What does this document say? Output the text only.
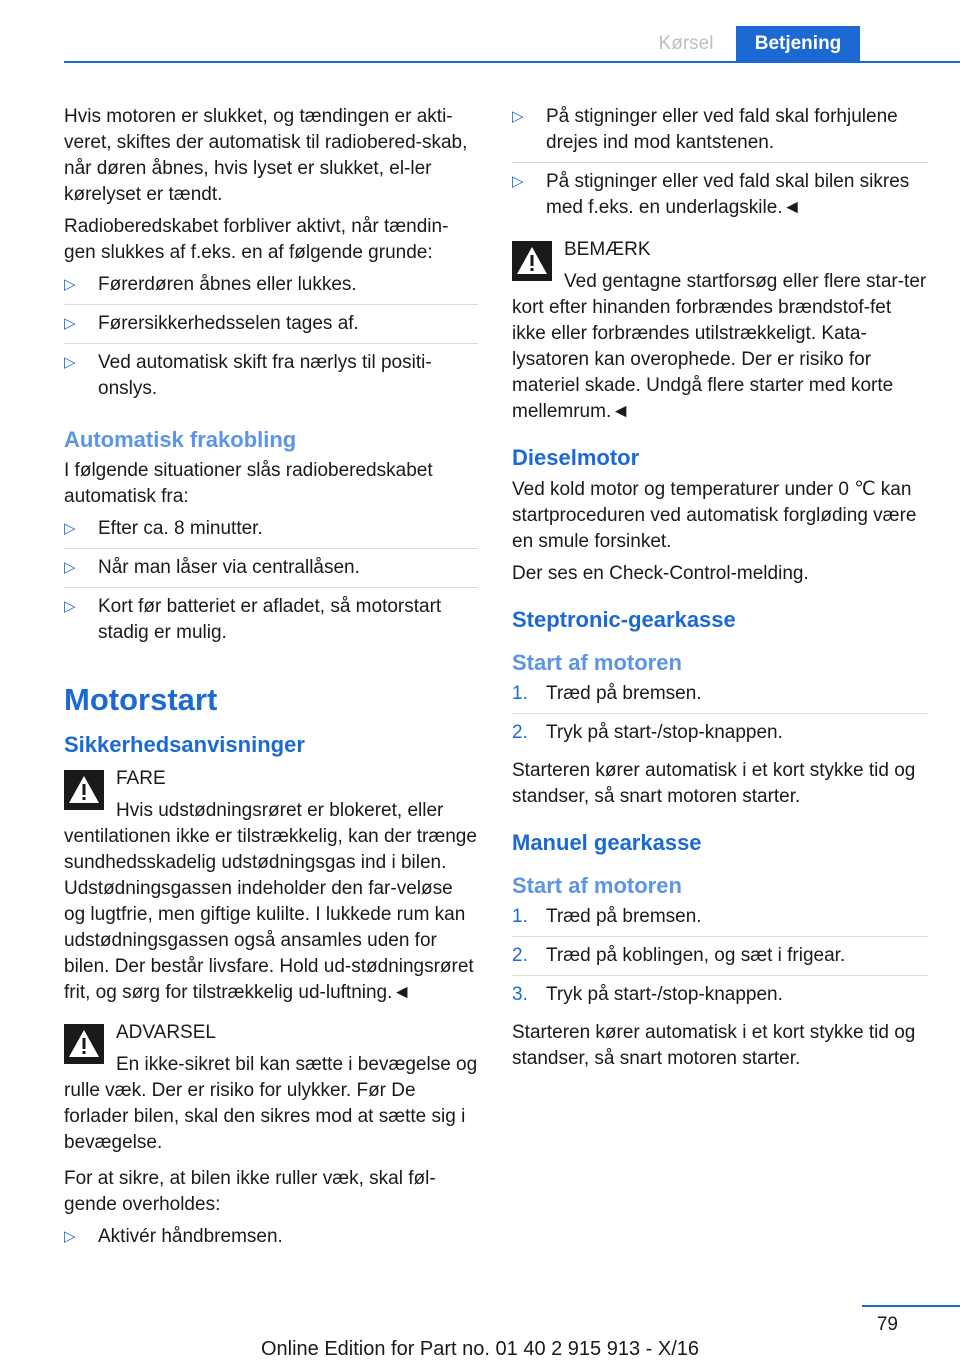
Kørsel	Betjening

Hvis motoren er slukket, og tændingen er akti-veret, skiftes der automatisk til radiobered-skab, når døren åbnes, hvis lyset er slukket, el-ler kørelyset er tændt.

Radioberedskabet forbliver aktivt, når tændin-gen slukkes af f.eks. en af følgende grunde:

▷ Førerdøren åbnes eller lukkes.
▷ Førersikkerhedsselen tages af.
▷ Ved automatisk skift fra nærlys til positi-onslys.
Automatisk frakobling

I følgende situationer slås radioberedskabet automatisk fra:

▷ Efter ca. 8 minutter.
▷ Når man låser via centrallåsen.
▷ Kort før batteriet er afladet, så motorstart stadig er mulig.
Motorstart
Sikkerhedsanvisninger
FARE
Hvis udstødningsrøret er blokeret, eller ventilationen ikke er tilstrækkelig, kan der trænge sundhedsskadelig udstødningsgas ind i bilen. Udstødningsgassen indeholder den far-veløse og lugtfrie, men giftige kulilte. I lukkede rum kan udstødningsgassen også ansamles uden for bilen. Der består livsfare. Hold ud-stødningsrøret frit, og sørg for tilstrækkelig ud-luftning.◄
ADVARSEL
En ikke-sikret bil kan sætte i bevægelse og rulle væk. Der er risiko for ulykker. Før De forlader bilen, skal den sikres mod at sætte sig i bevægelse.

For at sikre, at bilen ikke ruller væk, skal føl-gende overholdes:

▷ Aktivér håndbremsen.
▷ På stigninger eller ved fald skal forhjulene drejes ind mod kantstenen.
▷ På stigninger eller ved fald skal bilen sikres med f.eks. en underlagskile.◄
BEMÆRK
Ved gentagne startforsøg eller flere star-ter kort efter hinanden forbrændes brændstof-fet ikke eller forbrændes utilstrækkeligt. Kata-lysatoren kan overophede. Der er risiko for materiel skade. Undgå flere starter med korte mellemrum.◄
Dieselmotor

Ved kold motor og temperaturer under 0 ℃ kan startproceduren ved automatisk forgløding være en smule forsinket.

Der ses en Check-Control-melding.

Steptronic-gearkasse
Start af motoren
1. Træd på bremsen.
2. Tryk på start-/stop-knappen.

Starteren kører automatisk i et kort stykke tid og standser, så snart motoren starter.

Manuel gearkasse
Start af motoren
1. Træd på bremsen.
2. Træd på koblingen, og sæt i frigear.
3. Tryk på start-/stop-knappen.

Starteren kører automatisk i et kort stykke tid og standser, så snart motoren starter.

79
Online Edition for Part no. 01 40 2 915 913 - X/16
